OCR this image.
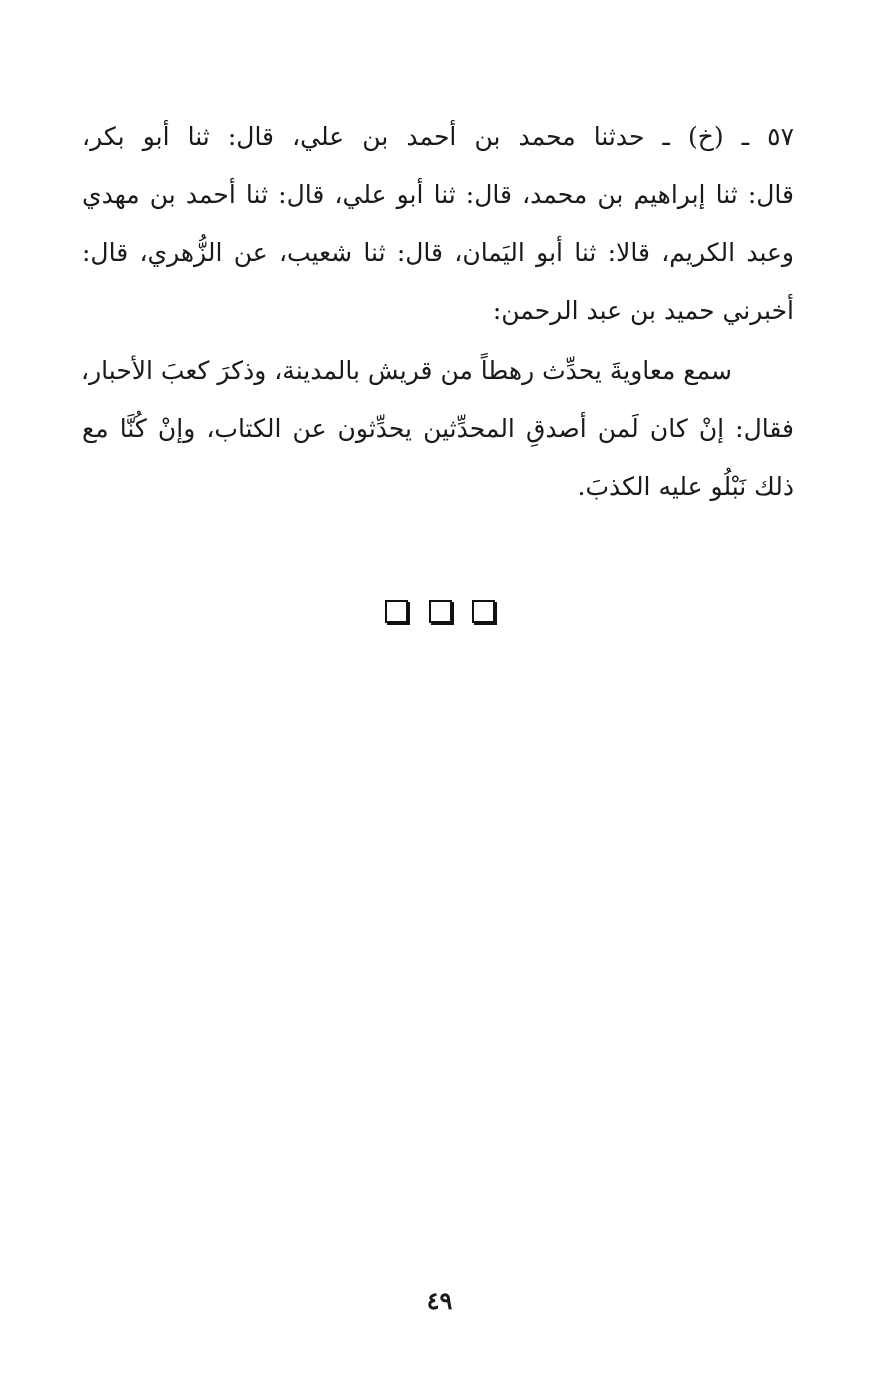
٥٧ ـ (خ) ـ حدثنا محمد بن أحمد بن علي، قال: ثنا أبو بكر،
قال: ثنا إبراهيم بن محمد، قال: ثنا أبو علي، قال: ثنا أحمد بن مهدي
وعبد الكريم، قالا: ثنا أبو اليَمان، قال: ثنا شعيب، عن الزُّهري، قال:
أخبرني حميد بن عبد الرحمن:
سمع معاويةَ يحدِّث رهطاً من قريش بالمدينة، وذكرَ كعبَ الأحبار،
فقال: إنْ كان لَمن أصدقِ المحدِّثين يحدِّثون عن الكتاب، وإنْ كُنَّا مع
ذلك نَبْلُو عليه الكذبَ.
٤٩
